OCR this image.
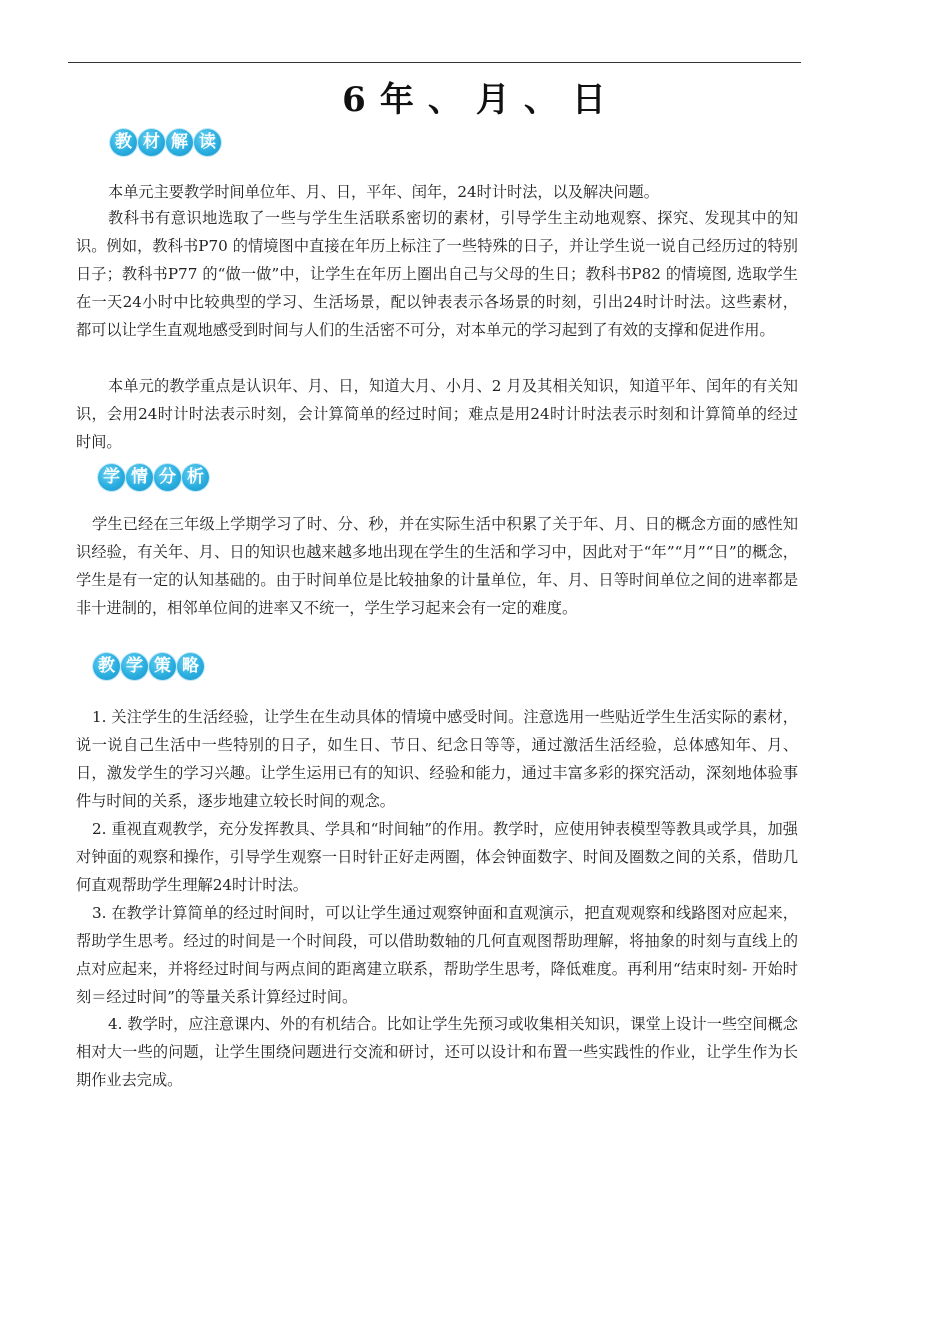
6 年 、 月 、 日
教 材 解 读

本单元主要教学时间单位年、月、日，平年、闰年，24时计时法，以及解决问题。

教科书有意识地选取了一些与学生生活联系密切的素材，引导学生主动地观察、探究、发现其中的知识。例如，教科书P70 的情境图中直接在年历上标注了一些特殊的日子，并让学生说一说自己经历过的特别日子；教科书P77 的“做一做”中，让学生在年历上圈出自己与父母的生日；教科书P82 的情境图, 选取学生在一天24小时中比较典型的学习、生活场景，配以钟表表示各场景的时刻，引出24时计时法。这些素材，都可以让学生直观地感受到时间与人们的生活密不可分，对本单元的学习起到了有效的支撑和促进作用。

本单元的教学重点是认识年、月、日，知道大月、小月、2 月及其相关知识，知道平年、闰年的有关知识，会用24时计时法表示时刻，会计算简单的经过时间；难点是用24时计时法表示时刻和计算简单的经过时间。

学 情 分 析

学生已经在三年级上学期学习了时、分、秒，并在实际生活中积累了关于年、月、日的概念方面的感性知识经验，有关年、月、日的知识也越来越多地出现在学生的生活和学习中，因此对于“年”“月”“日”的概念，学生是有一定的认知基础的。由于时间单位是比较抽象的计量单位，年、月、日等时间单位之间的进率都是非十进制的，相邻单位间的进率又不统一，学生学习起来会有一定的难度。

教 学 策 略

1. 关注学生的生活经验，让学生在生动具体的情境中感受时间。注意选用一些贴近学生生活实际的素材，说一说自己生活中一些特别的日子，如生日、节日、纪念日等等，通过激活生活经验，总体感知年、月、日，激发学生的学习兴趣。让学生运用已有的知识、经验和能力，通过丰富多彩的探究活动，深刻地体验事件与时间的关系，逐步地建立较长时间的观念。

2. 重视直观教学，充分发挥教具、学具和“时间轴”的作用。教学时，应使用钟表模型等教具或学具，加强对钟面的观察和操作，引导学生观察一日时针正好走两圈，体会钟面数字、时间及圈数之间的关系，借助几何直观帮助学生理解24时计时法。

3. 在教学计算简单的经过时间时，可以让学生通过观察钟面和直观演示，把直观观察和线路图对应起来，帮助学生思考。经过的时间是一个时间段，可以借助数轴的几何直观图帮助理解，将抽象的时刻与直线上的点对应起来，并将经过时间与两点间的距离建立联系，帮助学生思考，降低难度。再利用“结束时刻- 开始时刻＝经过时间”的等量关系计算经过时间。

4. 教学时，应注意课内、外的有机结合。比如让学生先预习或收集相关知识，课堂上设计一些空间概念相对大一些的问题，让学生围绕问题进行交流和研讨，还可以设计和布置一些实践性的作业，让学生作为长期作业去完成。
